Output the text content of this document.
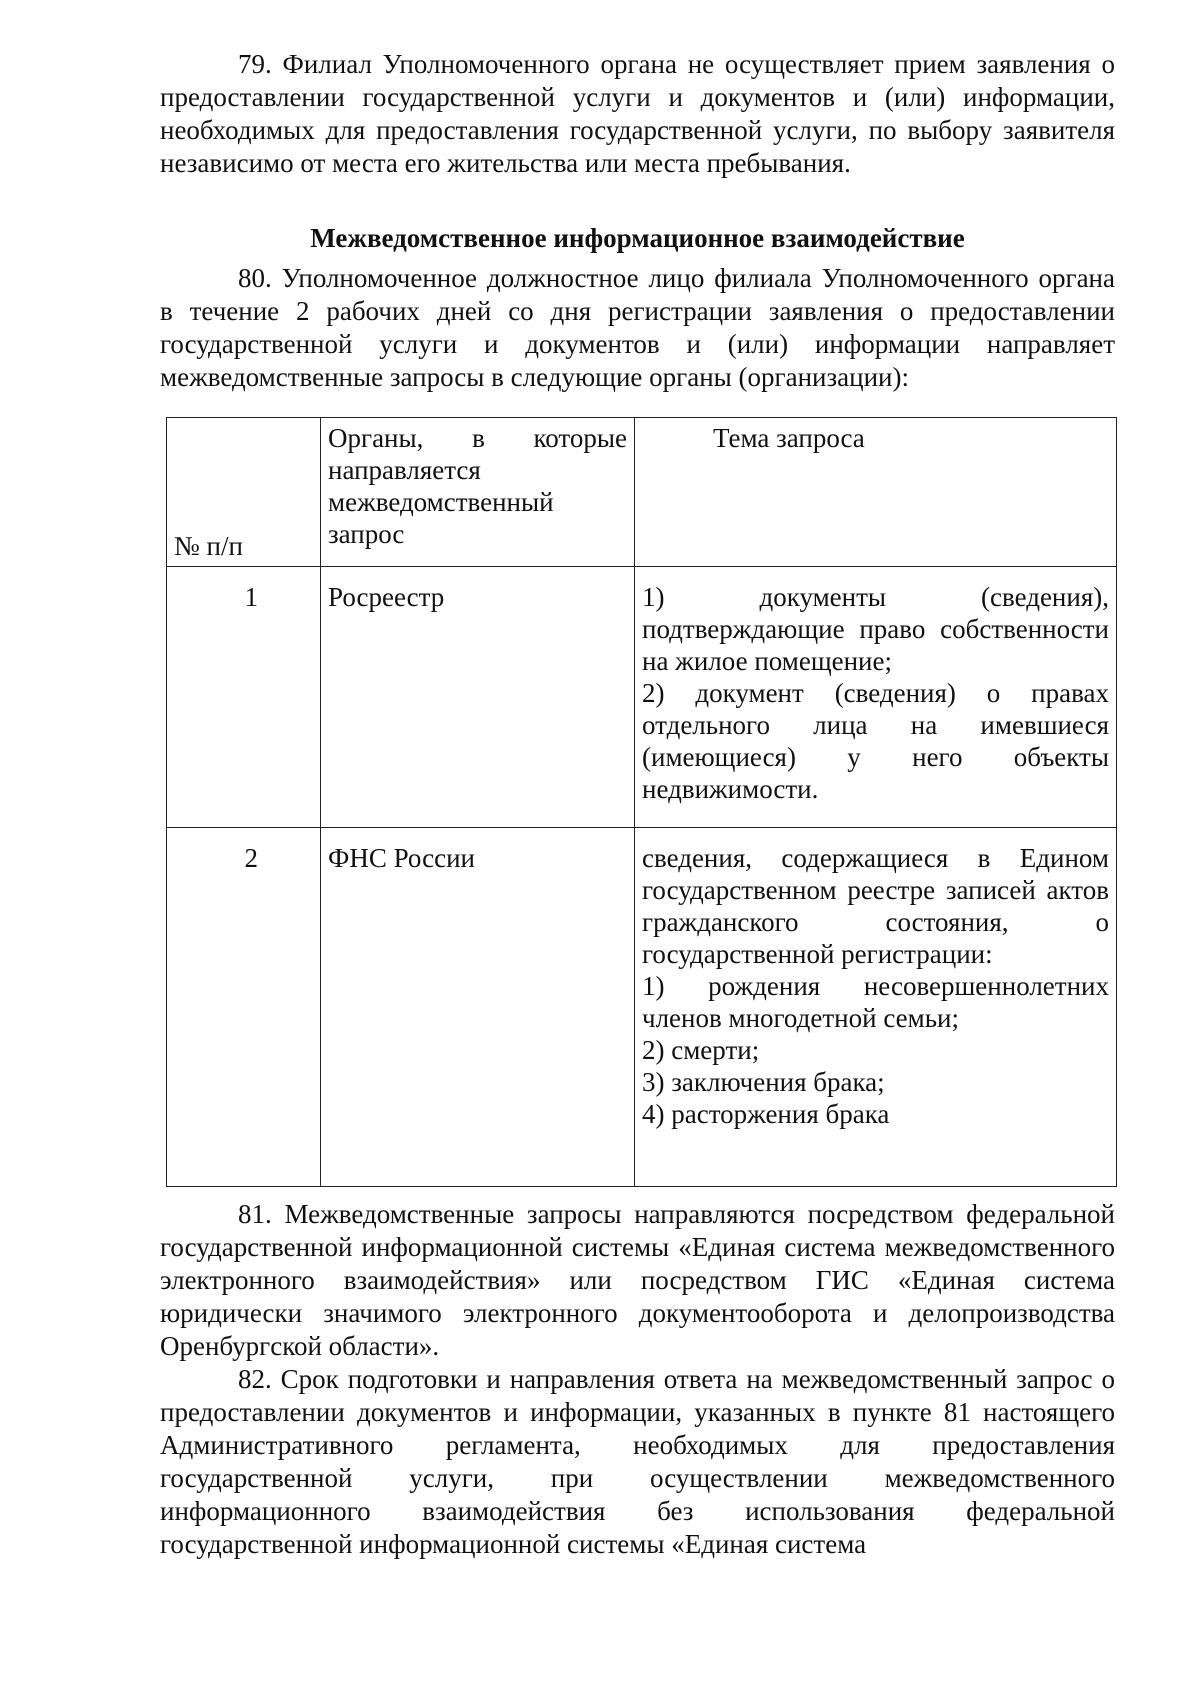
79. Филиал Уполномоченного органа не осуществляет прием заявления о предоставлении государственной услуги и документов и (или) информации, необходимых для предоставления государственной услуги, по выбору заявителя независимо от места его жительства или места пребывания.

Межведомственное информационное взаимодействие

80. Уполномоченное должностное лицо филиала Уполномоченного органа в течение 2 рабочих дней со дня регистрации заявления о предоставлении государственной услуги и документов и (или) информации направляет межведомственные запросы в следующие органы (организации):

№ п/п	Органы, в которые направляется межведомственный запрос	Тема запроса
1	Росреестр	1) документы (сведения), подтверждающие право собственности на жилое помещение;
2) документ (сведения) о правах отдельного лица на имевшиеся (имеющиеся) у него объекты недвижимости.

2	ФНС России	сведения, содержащиеся в Едином государственном реестре записей актов гражданского состояния, о государственной регистрации:
1) рождения несовершеннолетних членов многодетной семьи;
2) смерти;
3) заключения брака;
4) расторжения брака

81. Межведомственные запросы направляются посредством федеральной государственной информационной системы «Единая система межведомственного электронного взаимодействия» или посредством ГИС «Единая система юридически значимого электронного документооборота и делопроизводства Оренбургской области».

82. Срок подготовки и направления ответа на межведомственный запрос о предоставлении документов и информации, указанных в пункте 81 настоящего Административного регламента, необходимых для предоставления государственной услуги, при осуществлении межведомственного информационного взаимодействия без использования федеральной государственной информационной системы «Единая система
